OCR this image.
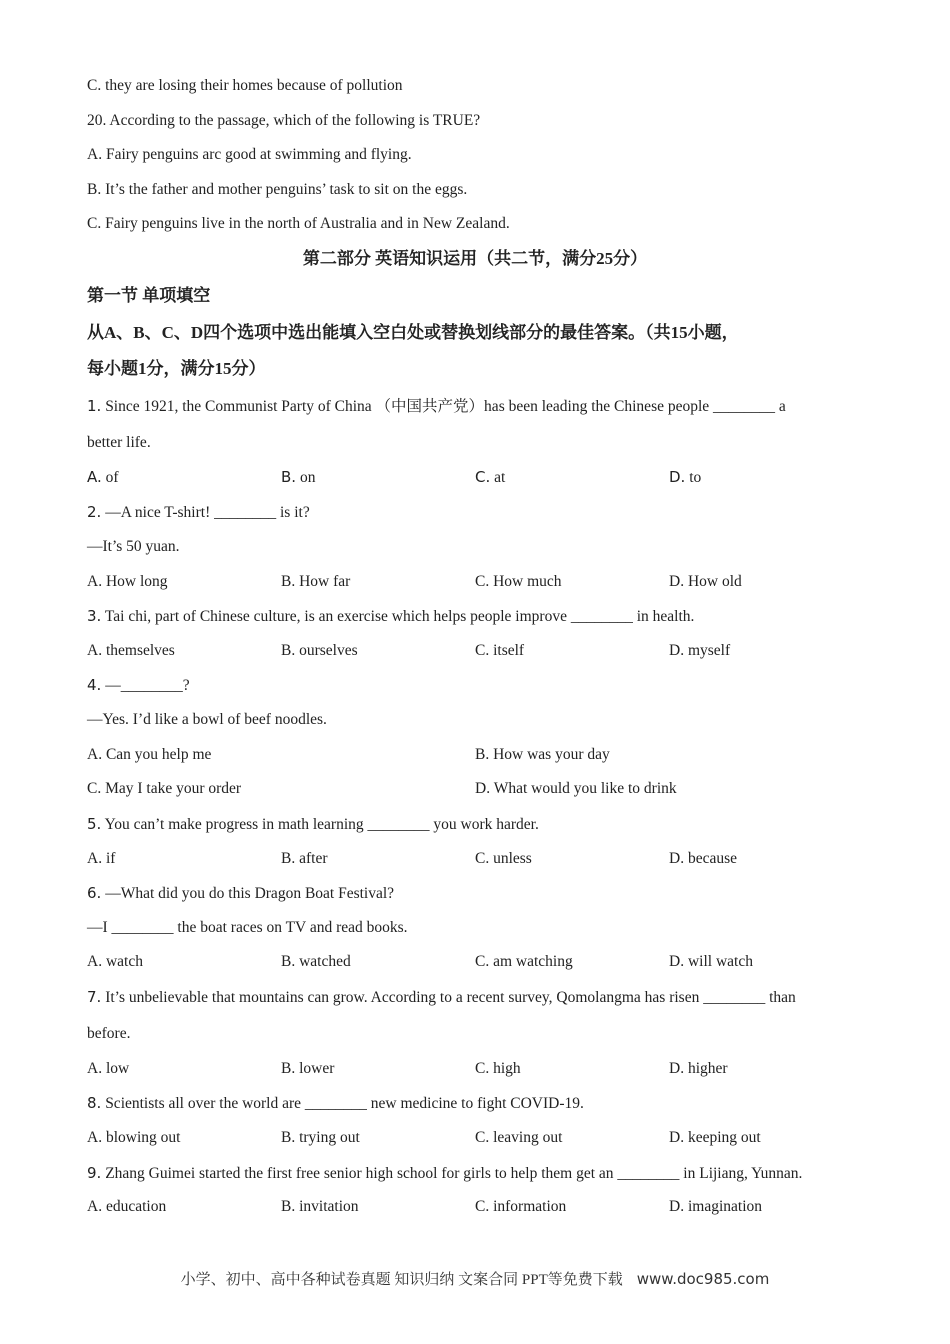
C. they are losing their homes because of pollution
20. According to the passage, which of the following is TRUE?
A. Fairy penguins arc good at swimming and flying.
B. It’s the father and mother penguins’ task to sit on the eggs.
C. Fairy penguins live in the north of Australia and in New Zealand.
第二部分 英语知识运用（共二节，满分25分）
第一节 单项填空
从A、B、C、D四个选项中选出能填入空白处或替换划线部分的最佳答案。（共15小题，
每小题1分，满分15分）
1. Since 1921, the Communist Party of China （中国共产党）has been leading the Chinese people ________ a
better life.
A. of	B. on	C. at	D. to
2. —A nice T-shirt! ________ is it?
—It’s 50 yuan.
A. How long	B. How far	C. How much	D. How old
3. Tai chi, part of Chinese culture, is an exercise which helps people improve ________ in health.
A. themselves	B. ourselves	C. itself	D. myself
4. —________?
—Yes. I’d like a bowl of beef noodles.
A. Can you help me	B. How was your day
C. May I take your order	D. What would you like to drink
5. You can’t make progress in math learning ________ you work harder.
A. if	B. after	C. unless	D. because
6. —What did you do this Dragon Boat Festival?
—I ________ the boat races on TV and read books.
A. watch	B. watched	C. am watching	D. will watch
7. It’s unbelievable that mountains can grow. According to a recent survey, Qomolangma has risen ________ than
before.
A. low	B. lower	C. high	D. higher
8. Scientists all over the world are ________ new medicine to fight COVID-19.
A. blowing out	B. trying out	C. leaving out	D. keeping out
9. Zhang Guimei started the first free senior high school for girls to help them get an ________ in Lijiang, Yunnan.
A. education	B. invitation	C. information	D. imagination
小学、初中、高中各种试卷真题 知识归纳 文案合同 PPT等免费下载 www.doc985.com
